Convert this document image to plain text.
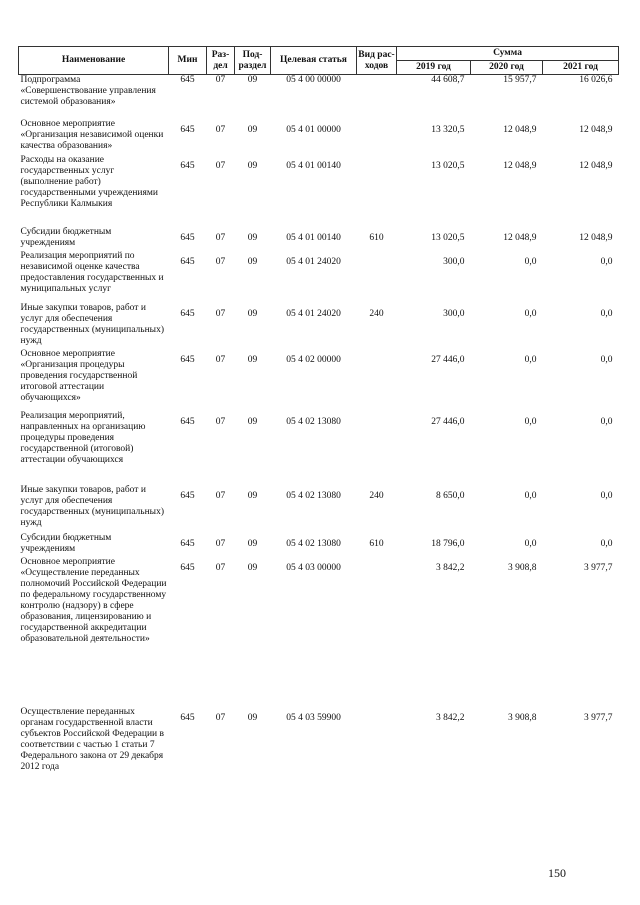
Наименование	Мин	Раз-дел	Под-раздел	Целевая статья	Вид рас-ходов	Сумма		
						2019 год	2020 год	2021 год
Подпрограмма «Совершенствование управления системой образования»	645	07	09	05 4 00 00000		44 608,7	15 957,7	16 026,6
Основное мероприятие «Организация независимой оценки качества образования»	645	07	09	05 4 01 00000		13 320,5	12 048,9	12 048,9
Расходы на оказание государственных услуг (выполнение работ) государственными учреждениями Республики Калмыкия	645	07	09	05 4 01 00140		13 020,5	12 048,9	12 048,9
Субсидии бюджетным учреждениям	645	07	09	05 4 01 00140	610	13 020,5	12 048,9	12 048,9
Реализация мероприятий по независимой оценке качества предоставления государственных и муниципальных услуг	645	07	09	05 4 01 24020		300,0	0,0	0,0
Иные закупки товаров, работ и услуг для обеспечения государственных (муниципальных) нужд	645	07	09	05 4 01 24020	240	300,0	0,0	0,0
Основное мероприятие «Организация процедуры проведения государственной итоговой аттестации обучающихся»	645	07	09	05 4 02 00000		27 446,0	0,0	0,0
Реализация мероприятий, направленных на организацию процедуры проведения государственной (итоговой) аттестации обучающихся	645	07	09	05 4 02 13080		27 446,0	0,0	0,0
Иные закупки товаров, работ и услуг для обеспечения государственных (муниципальных) нужд	645	07	09	05 4 02 13080	240	8 650,0	0,0	0,0
Субсидии бюджетным учреждениям	645	07	09	05 4 02 13080	610	18 796,0	0,0	0,0
Основное мероприятие «Осуществление переданных полномочий Российской Федерации по федеральному государственному контролю (надзору) в сфере образования, лицензированию и государственной аккредитации образовательной деятельности»	645	07	09	05 4 03 00000		3 842,2	3 908,8	3 977,7
Осуществление переданных органам государственной власти субъектов Российской Федерации в соответствии с частью 1 статьи 7 Федерального закона от 29 декабря 2012 года	645	07	09	05 4 03 59900		3 842,2	3 908,8	3 977,7
150
